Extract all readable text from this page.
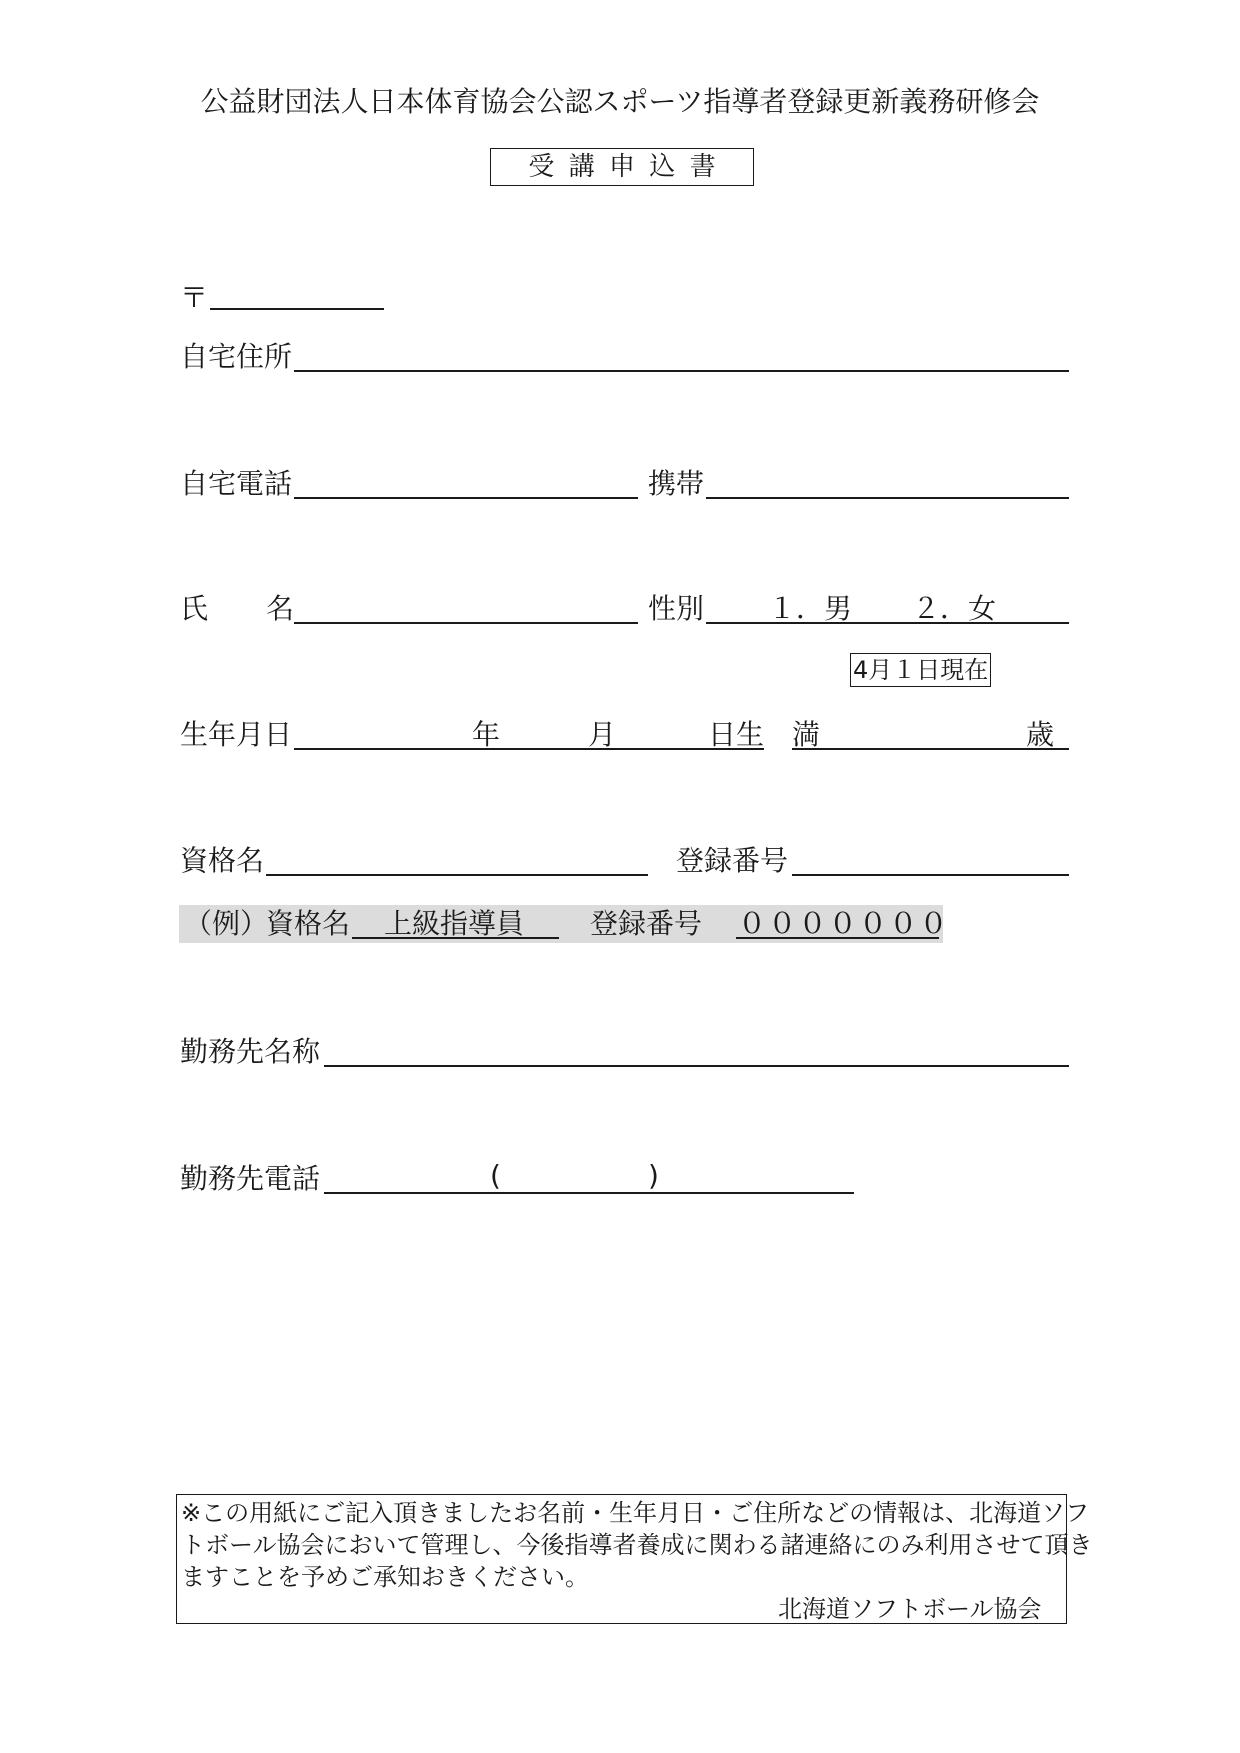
公益財団法人日本体育協会公認スポーツ指導者登録更新義務研修会
受講申込書
〒
自宅住所
自宅電話	携帯
氏 名	性別 １．男 ２．女
4月１日現在
生年月日	年	月	日生 満	歳
資格名	登録番号
（例）
資格名 上級指導員 登録番号 ０００００００
勤務先名称
勤務先電話	(	)
※この用紙にご記入頂きましたお名前・生年月日・ご住所などの情報は、北海道ソフ
トボール協会において管理し、今後指導者養成に関わる諸連絡にのみ利用させて頂き
ますことを予めご承知おきください。
北海道ソフトボール協会
